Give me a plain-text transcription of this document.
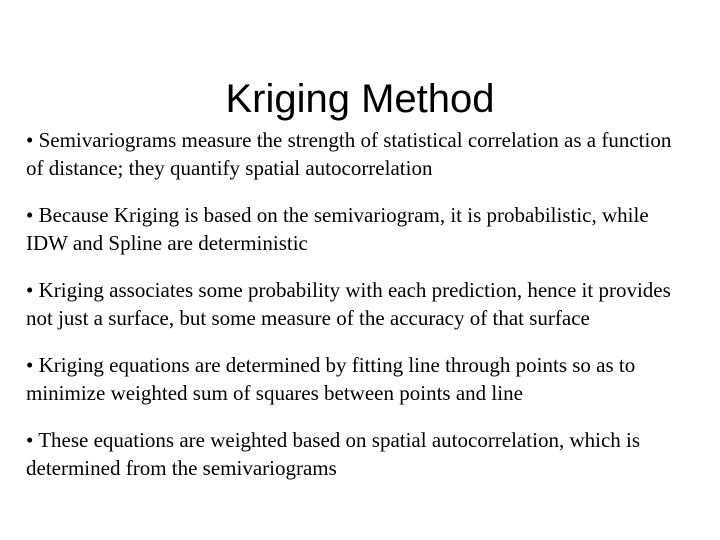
Kriging Method
• Semivariograms measure the strength of statistical correlation as a function of distance; they quantify spatial autocorrelation
• Because Kriging is based on the semivariogram, it is probabilistic, while IDW and Spline are deterministic
• Kriging associates some probability with each prediction, hence it provides not just a surface, but some measure of the accuracy of that surface
• Kriging equations are determined by fitting line through points so as to minimize weighted sum of squares between points and line
• These equations are weighted based on spatial autocorrelation, which is determined from the semivariograms
